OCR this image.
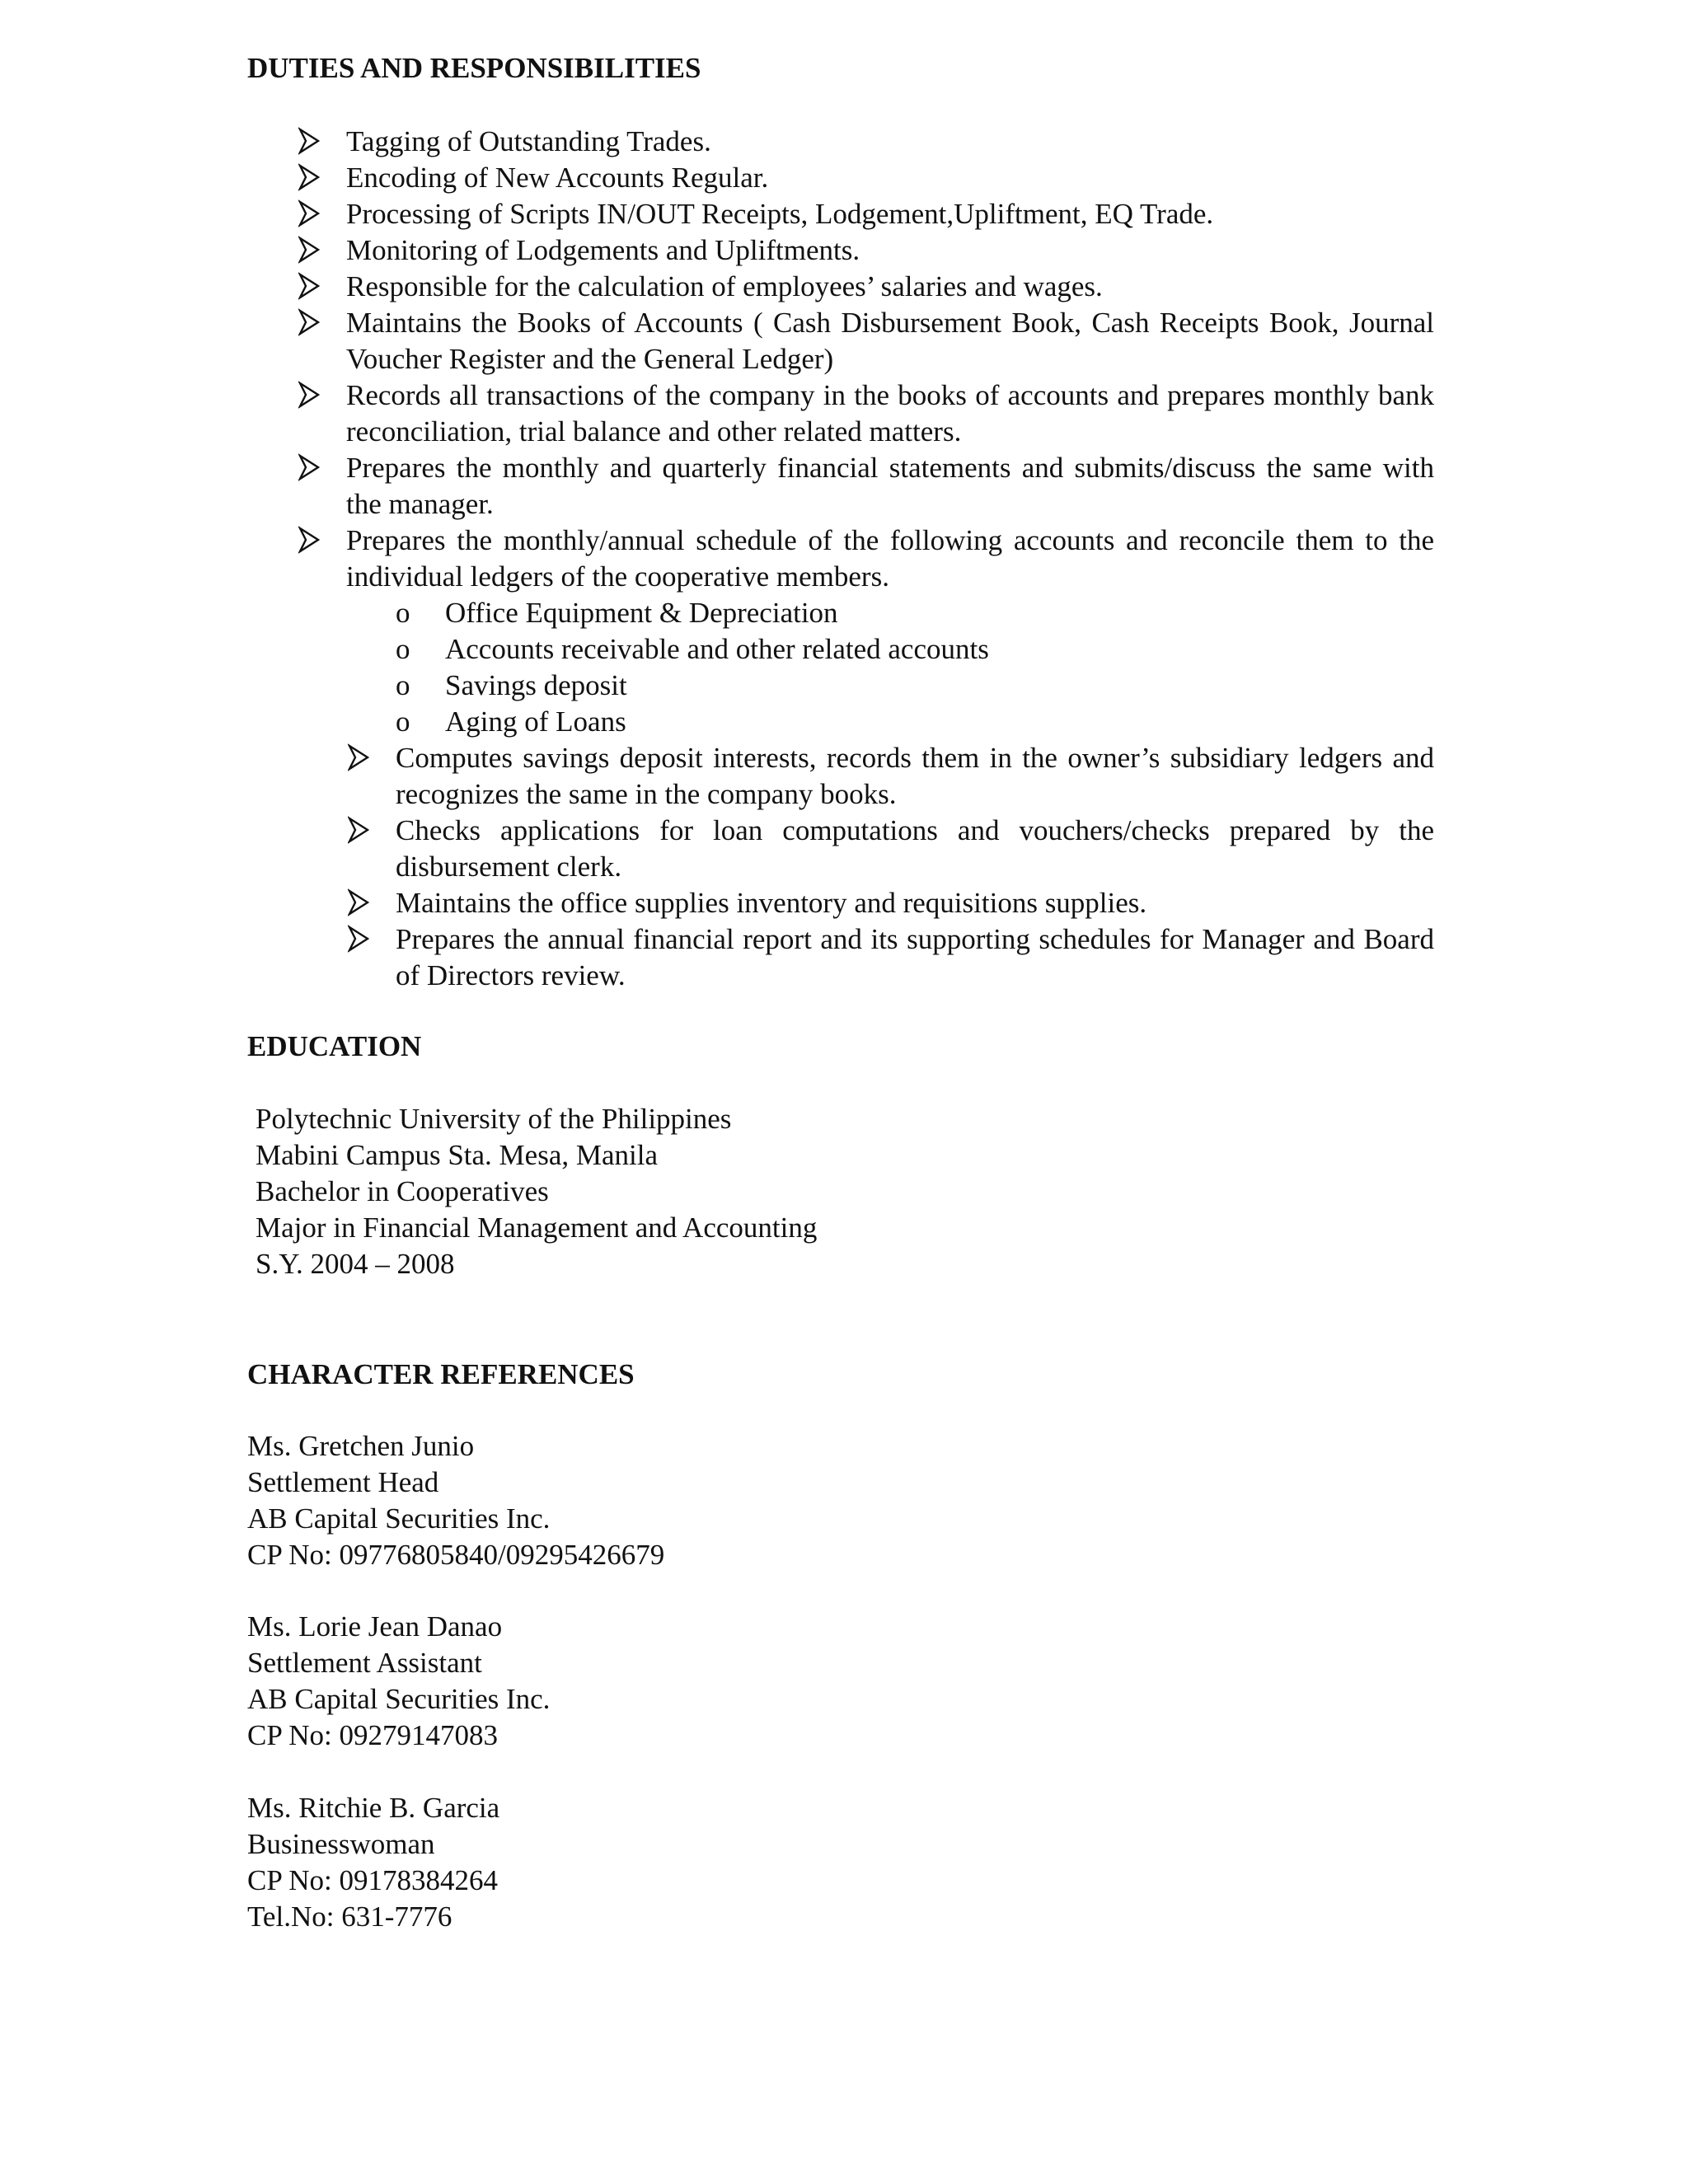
DUTIES AND RESPONSIBILITIES
Tagging of Outstanding Trades.
Encoding of New Accounts Regular.
Processing of Scripts IN/OUT Receipts, Lodgement,Upliftment, EQ Trade.
Monitoring of Lodgements and Upliftments.
Responsible for the calculation of employees’ salaries and wages.
Maintains the Books of Accounts ( Cash Disbursement Book, Cash Receipts Book, Journal Voucher Register and the General Ledger)
Records all transactions of the company in the books of accounts and prepares monthly bank reconciliation, trial balance and other related matters.
Prepares the monthly and quarterly financial statements and submits/discuss the same with the manager.
Prepares the monthly/annual schedule of the following accounts and reconcile them to the individual ledgers of the cooperative members.
o Office Equipment & Depreciation
o Accounts receivable and other related accounts
o Savings deposit
o Aging of Loans
Computes savings deposit interests, records them in the owner’s subsidiary ledgers and recognizes the same in the company books.
Checks applications for loan computations and vouchers/checks prepared by the disbursement clerk.
Maintains the office supplies inventory and requisitions supplies.
Prepares the annual financial report and its supporting schedules for Manager and Board of Directors review.
EDUCATION
Polytechnic University of the Philippines
Mabini Campus Sta. Mesa, Manila
Bachelor in Cooperatives
Major in Financial Management and Accounting
S.Y. 2004 – 2008
CHARACTER REFERENCES
Ms. Gretchen Junio
Settlement Head
AB Capital Securities Inc.
CP No: 09776805840/09295426679
Ms. Lorie Jean Danao
Settlement Assistant
AB Capital Securities Inc.
CP No: 09279147083
Ms. Ritchie B. Garcia
Businesswoman
CP No: 09178384264
Tel.No: 631-7776
